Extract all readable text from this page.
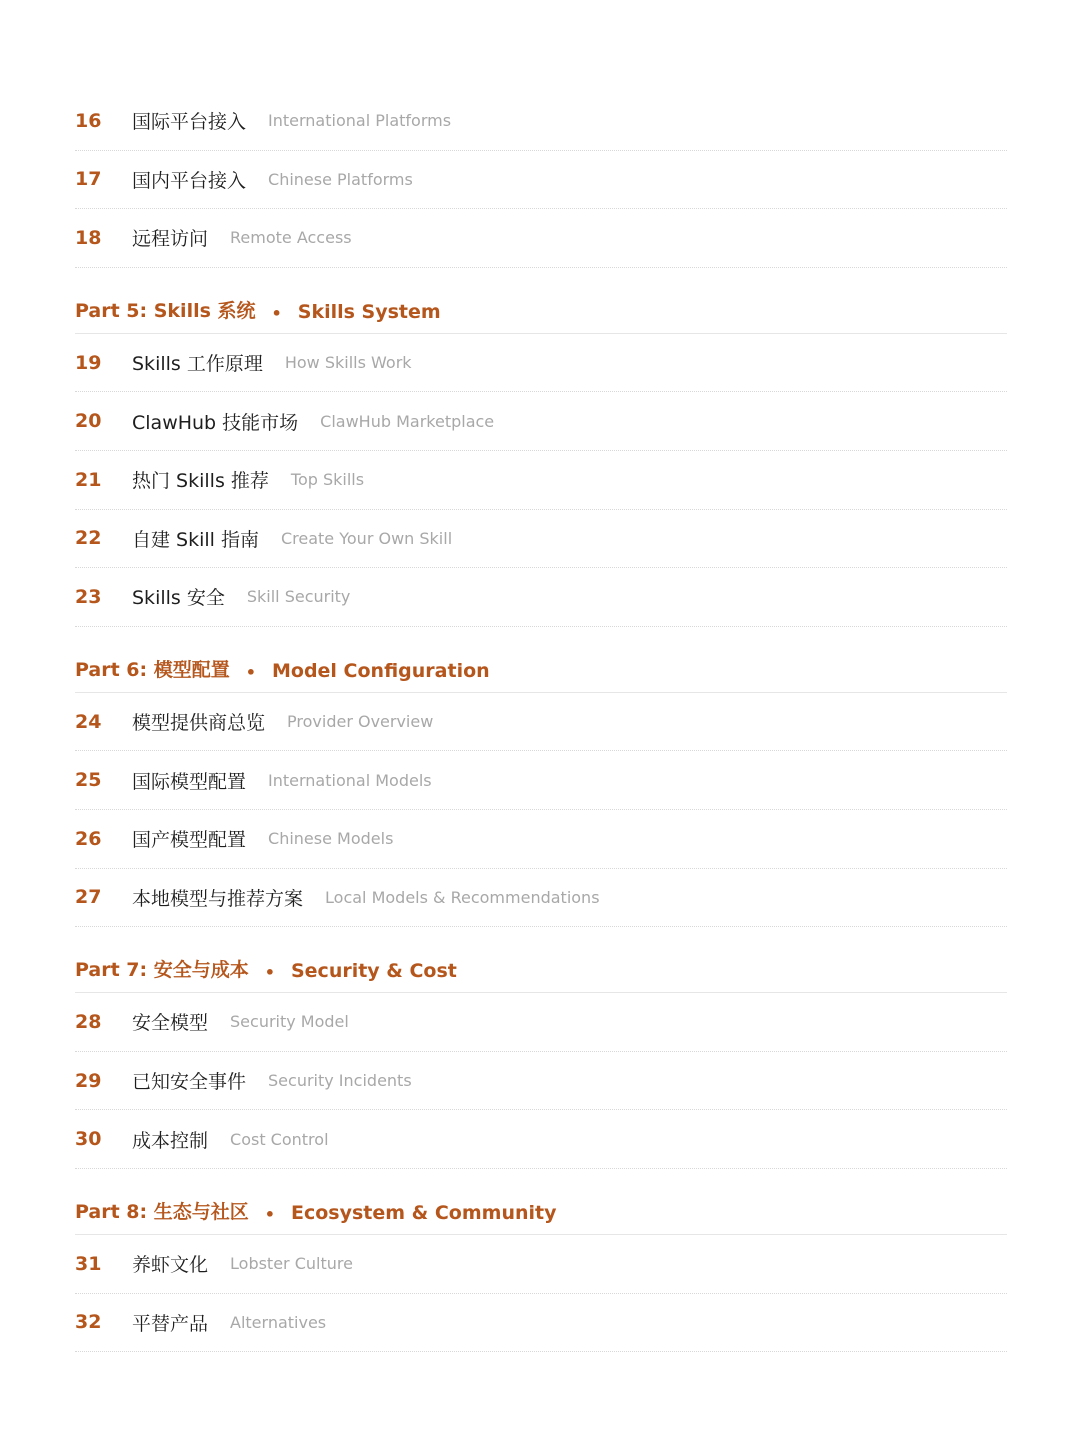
16	国际平台接入 International Platforms
17	国内平台接入 Chinese Platforms
18	远程访问 Remote Access
Part 5: Skills 系统 • Skills System
19	Skills 工作原理 How Skills Work
20	ClawHub 技能市场 ClawHub Marketplace
21	热门 Skills 推荐 Top Skills
22	自建 Skill 指南 Create Your Own Skill
23	Skills 安全 Skill Security
Part 6: 模型配置 • Model Configuration
24	模型提供商总览 Provider Overview
25	国际模型配置 International Models
26	国产模型配置 Chinese Models
27	本地模型与推荐方案 Local Models & Recommendations
Part 7: 安全与成本 • Security & Cost
28	安全模型 Security Model
29	已知安全事件 Security Incidents
30	成本控制 Cost Control
Part 8: 生态与社区 • Ecosystem & Community
31	养虾文化 Lobster Culture
32	平替产品 Alternatives
